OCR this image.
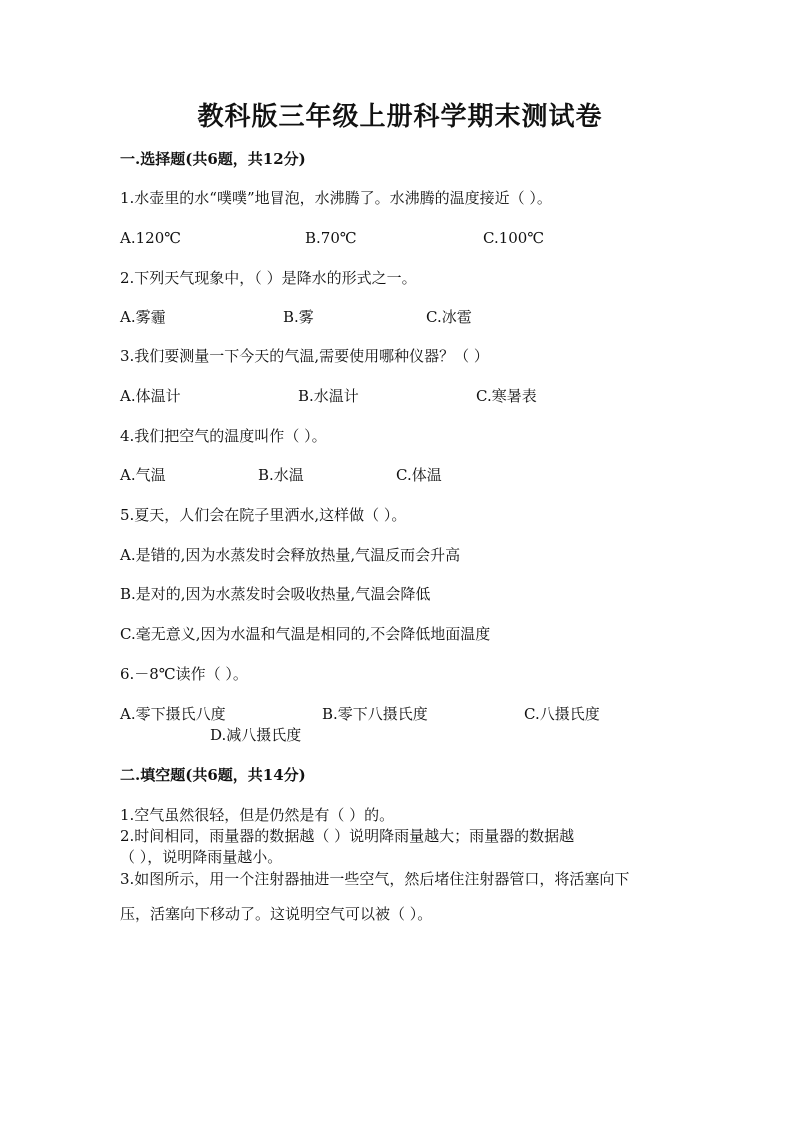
教科版三年级上册科学期末测试卷
一.选择题(共6题，共12分)
1.水壶里的水“噗噗”地冒泡，水沸腾了。水沸腾的温度接近（ ）。
A.120℃	B.70℃	C.100℃
2.下列天气现象中，（ ）是降水的形式之一。
A.雾霾	B.雾	C.冰雹
3.我们要测量一下今天的气温,需要使用哪种仪器？（ ）
A.体温计	B.水温计	C.寒暑表
4.我们把空气的温度叫作（ ）。
A.气温	B.水温	C.体温
5.夏天，人们会在院子里洒水,这样做（ ）。
A.是错的,因为水蒸发时会释放热量,气温反而会升高
B.是对的,因为水蒸发时会吸收热量,气温会降低
C.毫无意义,因为水温和气温是相同的,不会降低地面温度
6.－8℃读作（ ）。
A.零下摄氏八度	B.零下八摄氏度	C.八摄氏度
D.减八摄氏度
二.填空题(共6题，共14分)
1.空气虽然很轻，但是仍然是有（ ）的。
2.时间相同，雨量器的数据越（ ）说明降雨量越大；雨量器的数据越
（ ），说明降雨量越小。
3.如图所示，用一个注射器抽进一些空气，然后堵住注射器管口，将活塞向下
压，活塞向下移动了。这说明空气可以被（ ）。
